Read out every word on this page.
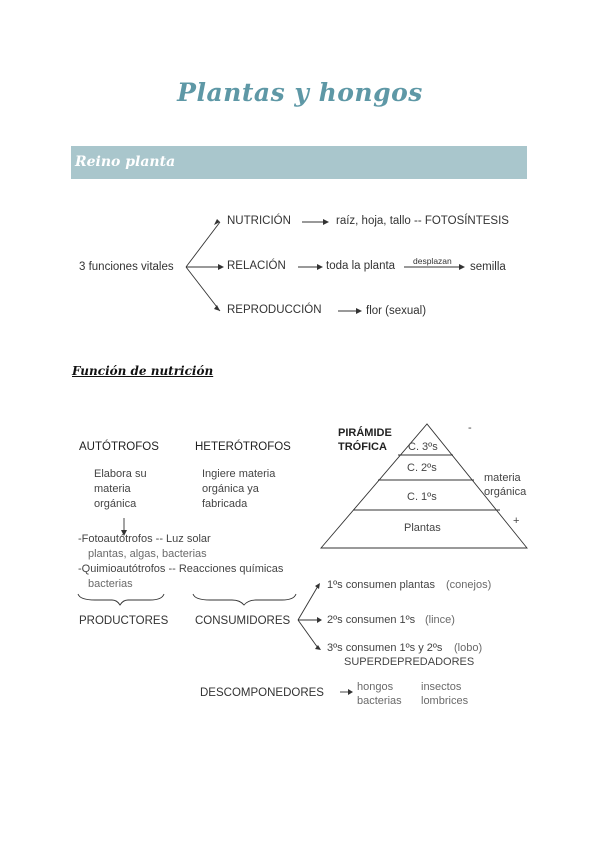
Plantas y hongos
Reino planta
3 funciones vitales
NUTRICIÓN	raíz, hoja, tallo -- FOTOSÍNTESIS
RELACIÓN	toda la planta desplazan semilla
REPRODUCCIÓN	flor (sexual)
Función de nutrición
AUTÓTROFOS
Elabora su
materia
orgánica
-Fotoautótrofos -- Luz solar
plantas, algas, bacterias
-Quimioautótrofos -- Reacciones químicas
bacterias
PRODUCTORES
HETERÓTROFOS
Ingiere materia
orgánica ya
fabricada
CONSUMIDORES
1ºs consumen plantas (conejos)
2ºs consumen 1ºs (lince)
3ºs consumen 1ºs y 2ºs (lobo)
SUPERDEPREDADORES
DESCOMPONEDORES	hongos
bacterias
insectos
lombrices
PIRÁMIDE
TRÓFICA C. 3ºs
C. 2ºs
C. 1ºs
Plantas
materia
orgánica
-
+
